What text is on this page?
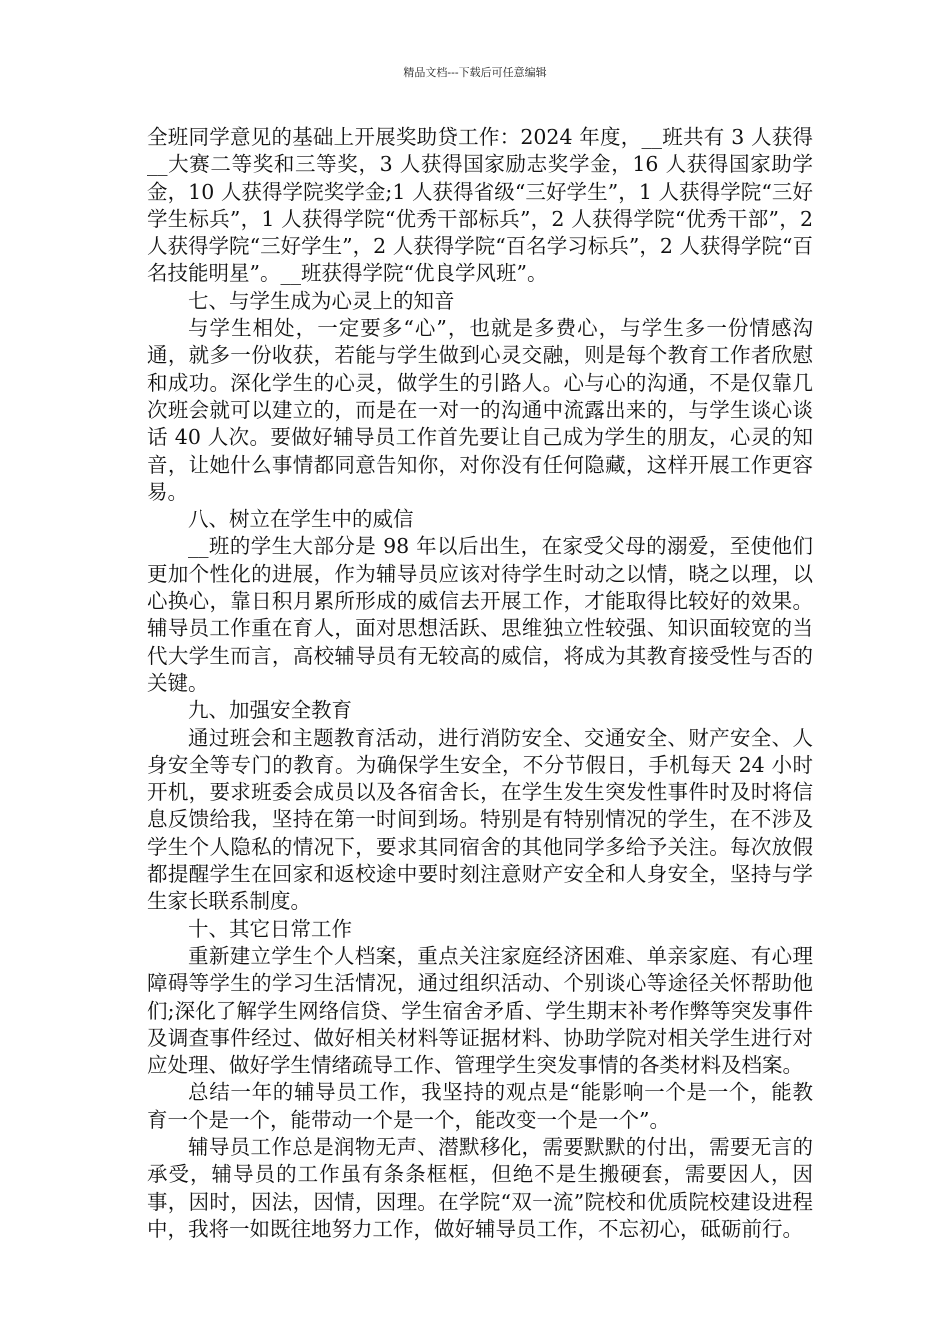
精品文档---下载后可任意编辑

全班同学意见的基础上开展奖助贷工作：2024 年度，__班共有 3 人获得__大赛二等奖和三等奖，3 人获得国家励志奖学金，16 人获得国家助学金，10 人获得学院奖学金;1 人获得省级“三好学生”，1 人获得学院“三好学生标兵”，1 人获得学院“优秀干部标兵”，2 人获得学院“优秀干部”，2 人获得学院“三好学生”，2 人获得学院“百名学习标兵”，2 人获得学院“百名技能明星”。__班获得学院“优良学风班”。

七、与学生成为心灵上的知音

与学生相处，一定要多“心”，也就是多费心，与学生多一份情感沟通，就多一份收获，若能与学生做到心灵交融，则是每个教育工作者欣慰和成功。深化学生的心灵，做学生的引路人。心与心的沟通，不是仅靠几次班会就可以建立的，而是在一对一的沟通中流露出来的，与学生谈心谈话 40 人次。要做好辅导员工作首先要让自己成为学生的朋友，心灵的知音，让她什么事情都同意告知你，对你没有任何隐藏，这样开展工作更容易。

八、树立在学生中的威信

__班的学生大部分是 98 年以后出生，在家受父母的溺爱，至使他们更加个性化的进展，作为辅导员应该对待学生时动之以情，晓之以理，以心换心，靠日积月累所形成的威信去开展工作，才能取得比较好的效果。辅导员工作重在育人，面对思想活跃、思维独立性较强、知识面较宽的当代大学生而言，高校辅导员有无较高的威信，将成为其教育接受性与否的关键。

九、加强安全教育

通过班会和主题教育活动，进行消防安全、交通安全、财产安全、人身安全等专门的教育。为确保学生安全，不分节假日，手机每天 24 小时开机，要求班委会成员以及各宿舍长，在学生发生突发性事件时及时将信息反馈给我，坚持在第一时间到场。特别是有特别情况的学生，在不涉及学生个人隐私的情况下，要求其同宿舍的其他同学多给予关注。每次放假都提醒学生在回家和返校途中要时刻注意财产安全和人身安全，坚持与学生家长联系制度。

十、其它日常工作

重新建立学生个人档案，重点关注家庭经济困难、单亲家庭、有心理障碍等学生的学习生活情况，通过组织活动、个别谈心等途径关怀帮助他们;深化了解学生网络信贷、学生宿舍矛盾、学生期末补考作弊等突发事件及调查事件经过、做好相关材料等证据材料、协助学院对相关学生进行对应处理、做好学生情绪疏导工作、管理学生突发事情的各类材料及档案。

总结一年的辅导员工作，我坚持的观点是“能影响一个是一个，能教育一个是一个，能带动一个是一个，能改变一个是一个”。

辅导员工作总是润物无声、潜默移化，需要默默的付出，需要无言的承受，辅导员的工作虽有条条框框，但绝不是生搬硬套，需要因人，因事，因时，因法，因情，因理。在学院“双一流”院校和优质院校建设进程中，我将一如既往地努力工作，做好辅导员工作，不忘初心，砥砺前行。
